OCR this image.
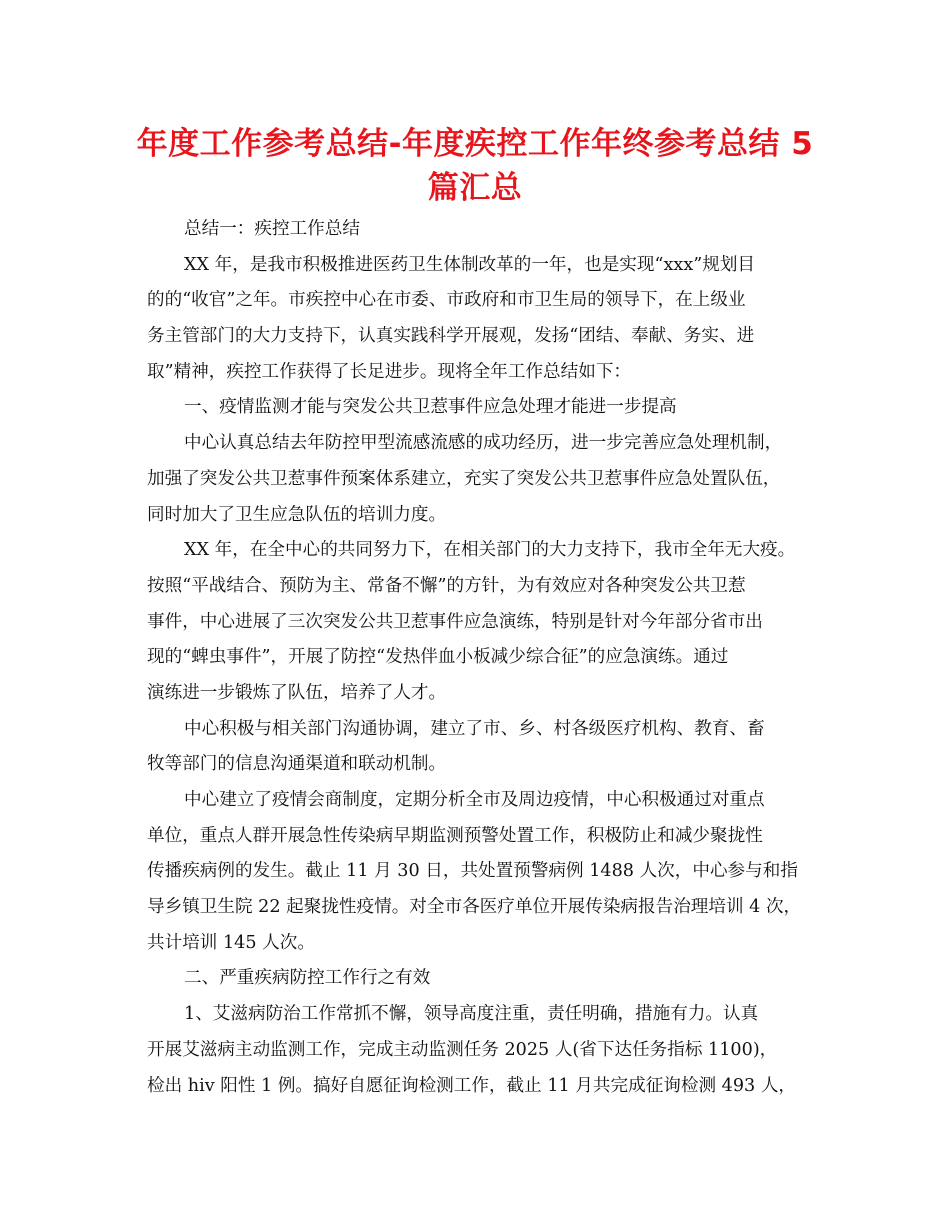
年度工作参考总结-年度疾控工作年终参考总结 5
篇汇总
总结一：疾控工作总结
XX 年，是我市积极推进医药卫生体制改革的一年，也是实现“xxx”规划目
的的“收官”之年。市疾控中心在市委、市政府和市卫生局的领导下，在上级业
务主管部门的大力支持下，认真实践科学开展观，发扬“团结、奉献、务实、进
取”精神，疾控工作获得了长足进步。现将全年工作总结如下：
一、疫情监测才能与突发公共卫惹事件应急处理才能进一步提高
中心认真总结去年防控甲型流感流感的成功经历，进一步完善应急处理机制，
加强了突发公共卫惹事件预案体系建立，充实了突发公共卫惹事件应急处置队伍，
同时加大了卫生应急队伍的培训力度。
XX 年，在全中心的共同努力下，在相关部门的大力支持下，我市全年无大疫。
按照“平战结合、预防为主、常备不懈”的方针，为有效应对各种突发公共卫惹
事件，中心进展了三次突发公共卫惹事件应急演练，特别是针对今年部分省市出
现的“蜱虫事件”，开展了防控“发热伴血小板减少综合征”的应急演练。通过
演练进一步锻炼了队伍，培养了人才。
中心积极与相关部门沟通协调，建立了市、乡、村各级医疗机构、教育、畜
牧等部门的信息沟通渠道和联动机制。
中心建立了疫情会商制度，定期分析全市及周边疫情，中心积极通过对重点
单位，重点人群开展急性传染病早期监测预警处置工作，积极防止和减少聚拢性
传播疾病例的发生。截止 11 月 30 日，共处置预警病例 1488 人次，中心参与和指
导乡镇卫生院 22 起聚拢性疫情。对全市各医疗单位开展传染病报告治理培训 4 次，
共计培训 145 人次。
二、严重疾病防控工作行之有效
1、艾滋病防治工作常抓不懈，领导高度注重，责任明确，措施有力。认真
开展艾滋病主动监测工作，完成主动监测任务 2025 人(省下达任务指标 1100)，
检出 hiv 阳性 1 例。搞好自愿征询检测工作，截止 11 月共完成征询检测 493 人，
